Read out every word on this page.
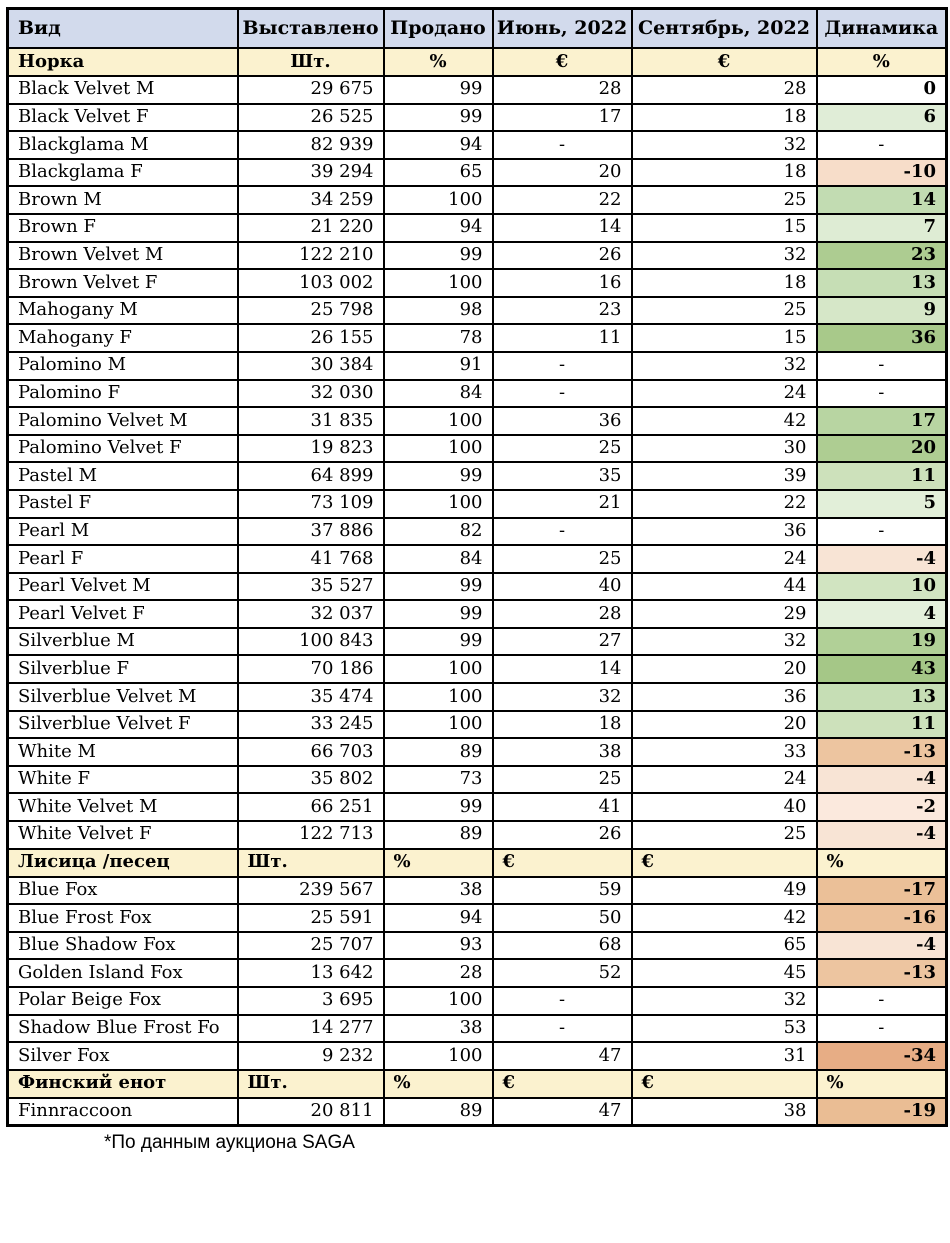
Вид	Выставлено	Продано	Июнь, 2022	Сентябрь, 2022	Динамика
Норка	Шт.	%	€	€	%
Black Velvet M	29 675	99	28	28	0
Black Velvet F	26 525	99	17	18	6
Blackglama M	82 939	94	-	32	-
Blackglama F	39 294	65	20	18	-10
Brown M	34 259	100	22	25	14
Brown F	21 220	94	14	15	7
Brown Velvet M	122 210	99	26	32	23
Brown Velvet F	103 002	100	16	18	13
Mahogany M	25 798	98	23	25	9
Mahogany F	26 155	78	11	15	36
Palomino M	30 384	91	-	32	-
Palomino F	32 030	84	-	24	-
Palomino Velvet M	31 835	100	36	42	17
Palomino Velvet F	19 823	100	25	30	20
Pastel M	64 899	99	35	39	11
Pastel F	73 109	100	21	22	5
Pearl M	37 886	82	-	36	-
Pearl F	41 768	84	25	24	-4
Pearl Velvet M	35 527	99	40	44	10
Pearl Velvet F	32 037	99	28	29	4
Silverblue M	100 843	99	27	32	19
Silverblue F	70 186	100	14	20	43
Silverblue Velvet M	35 474	100	32	36	13
Silverblue Velvet F	33 245	100	18	20	11
White M	66 703	89	38	33	-13
White F	35 802	73	25	24	-4
White Velvet M	66 251	99	41	40	-2
White Velvet F	122 713	89	26	25	-4
Лисица /песец	Шт.	%	€	€	%
Blue Fox	239 567	38	59	49	-17
Blue Frost Fox	25 591	94	50	42	-16
Blue Shadow Fox	25 707	93	68	65	-4
Golden Island Fox	13 642	28	52	45	-13
Polar Beige Fox	3 695	100	-	32	-
Shadow Blue Frost Fo	14 277	38	-	53	-
Silver Fox	9 232	100	47	31	-34
Финский енот	Шт.	%	€	€	%
Finnraccoon	20 811	89	47	38	-19
*По данным аукциона SAGA
